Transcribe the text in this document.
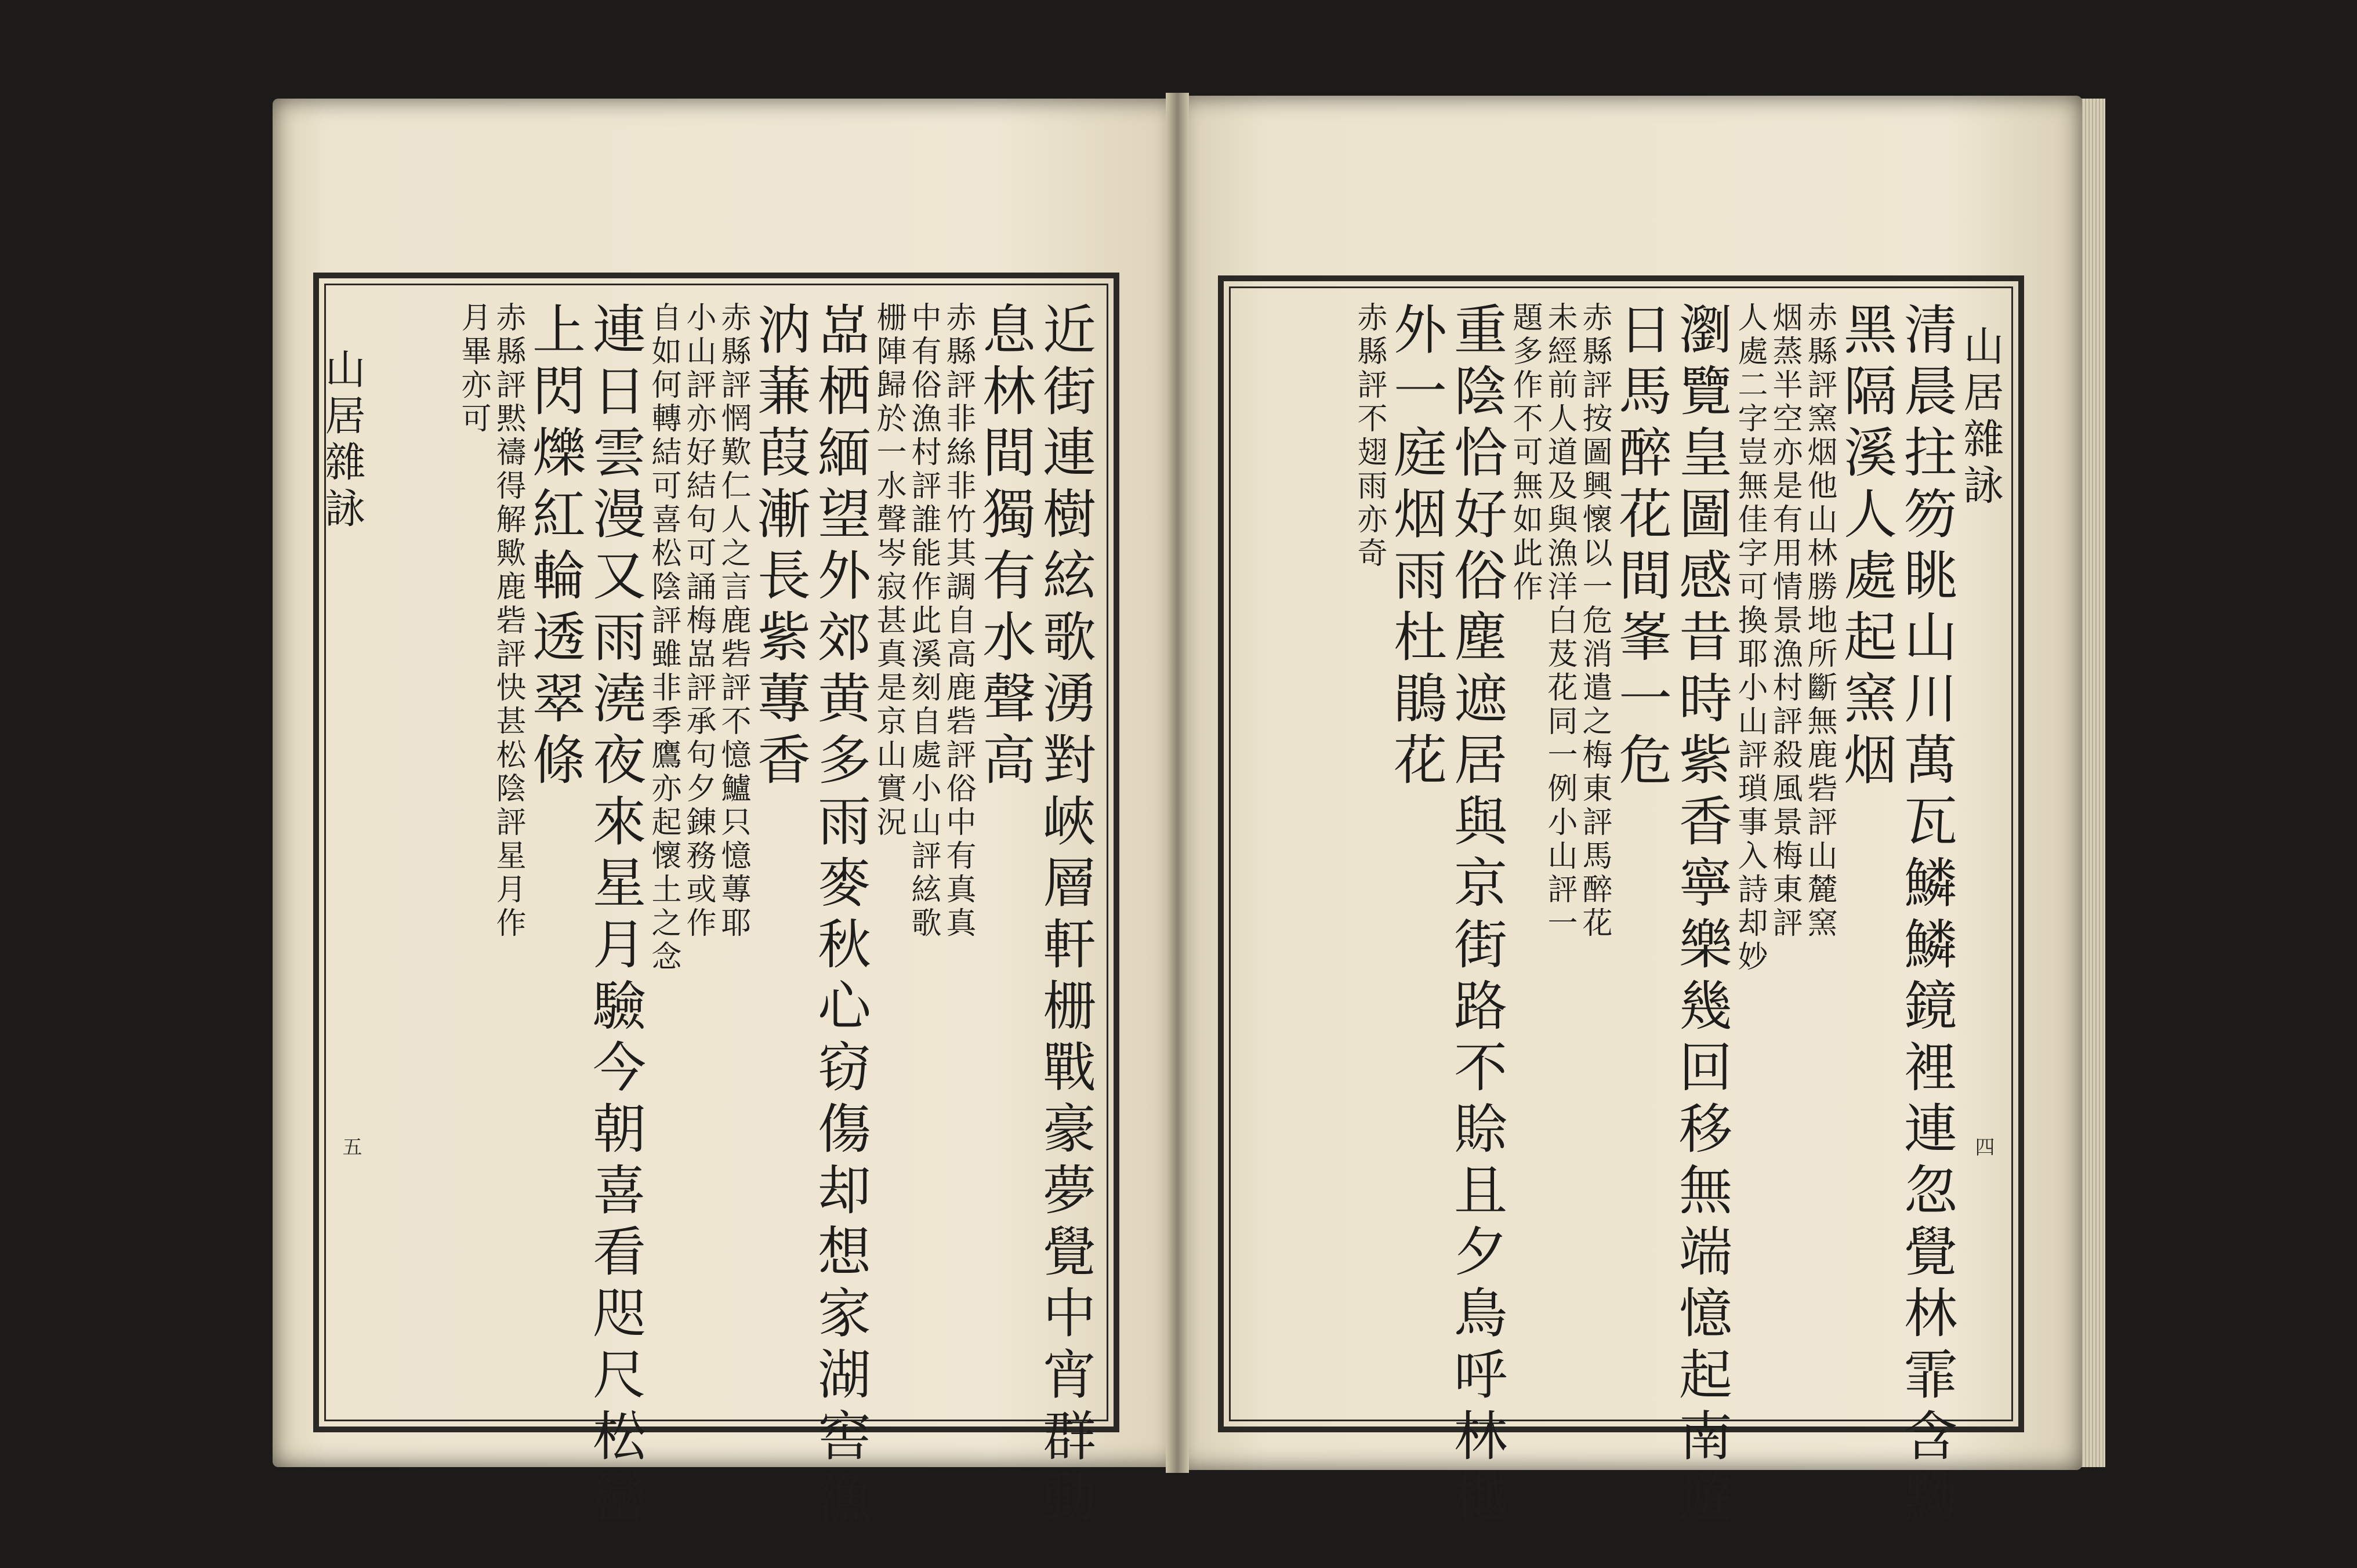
山居雜詠
四
山居雜詠
五	清晨拄笏眺山川萬瓦鱗鱗鏡裡連忽覺林霏含黝
黑隔溪人處起窯烟
赤縣評窯烟他山林勝地所斷無鹿砦評山麓窯
烟蒸半空亦是有用情景漁村評殺風景梅東評
人處二字豈無佳字可換耶小山評瑣事入詩却妙
瀏覽皇圖感昔時紫香寧樂幾回移無端憶起南遊
日馬醉花間峯一危
赤縣評按圖興懷以一危消遣之梅東評馬醉花
未經前人道及與漁洋白芨花同一例小山評一
題多作不可無如此作
重陰恰好俗塵遮居與京街路不賒且夕鳥呼林樾
外一庭烟雨杜鵑花
赤縣評不翅雨亦奇
近街連樹絃歌湧對峽層軒栅戰豪夢覺中宵群動
息林間獨有水聲高
赤縣評非絲非竹其調自高鹿砦評俗中有真真
中有俗漁村評誰能作此溪刻自處小山評絃歌
栅陣歸於一水聲岑寂甚真是京山實況
嵓栖緬望外郊黄多雨麥秋心窃傷却想家湖窖漁
汭蒹葭漸長紫蓴香
赤縣評惘歎仁人之言鹿砦評不憶鱸只憶蓴耶
小山評亦好結句可誦梅嵓評承句夕錬務或作
自如何轉結可喜松陰評雖非季鷹亦起懷土之念
連日雲漫又雨澆夜來星月驗今朝喜看咫尺松巒
上閃爍紅輪透翠條
赤縣評黙禱得解歟鹿砦評快甚松陰評星月作
月畢亦可
